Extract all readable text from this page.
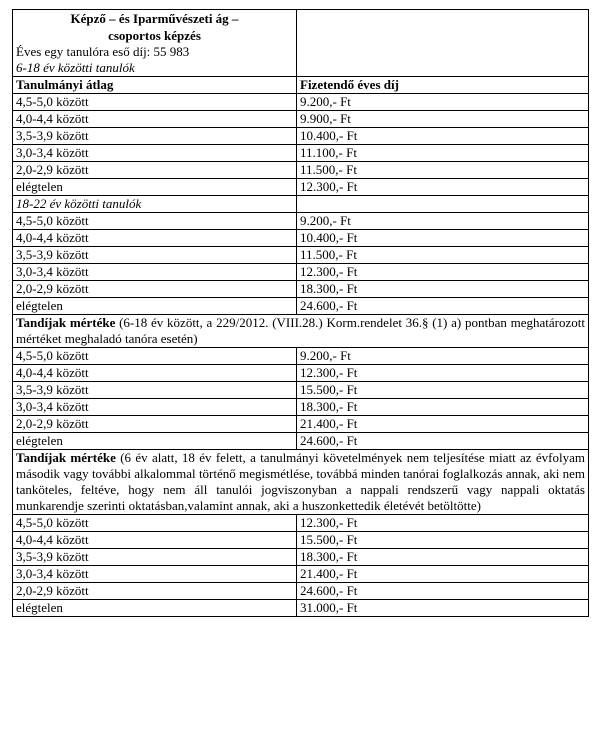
Képző – és Iparművészeti ág –
csoportos képzés
Éves egy tanulóra eső díj: 55 983
6-18 év közötti tanulók	

Tanulmányi átlag	Fizetendő éves díj
4,5-5,0 között	9.200,- Ft
4,0-4,4 között	9.900,- Ft
3,5-3,9 között	10.400,- Ft
3,0-3,4 között	11.100,- Ft
2,0-2,9 között	11.500,- Ft
elégtelen	12.300,- Ft
18-22 év közötti tanulók	
4,5-5,0 között	9.200,- Ft
4,0-4,4 között	10.400,- Ft
3,5-3,9 között	11.500,- Ft
3,0-3,4 között	12.300,- Ft
2,0-2,9 között	18.300,- Ft
elégtelen	24.600,- Ft
Tandíjak mértéke (6-18 év között, a 229/2012. (VIII.28.) Korm.rendelet 36.§ (1) a) pontban meghatározott mértéket meghaladó tanóra esetén)	
4,5-5,0 között	9.200,- Ft
4,0-4,4 között	12.300,- Ft
3,5-3,9 között	15.500,- Ft
3,0-3,4 között	18.300,- Ft
2,0-2,9 között	21.400,- Ft
elégtelen	24.600,- Ft
Tandíjak mértéke (6 év alatt, 18 év felett, a tanulmányi követelmények nem teljesítése miatt az évfolyam második vagy további alkalommal történő megismétlése, továbbá minden tanórai foglalkozás annak, aki nem tanköteles, feltéve, hogy nem áll tanulói jogviszonyban a nappali rendszerű vagy nappali oktatás munkarendje szerinti oktatásban,valamint annak, aki a huszonkettedik életévét betöltötte)	
4,5-5,0 között	12.300,- Ft
4,0-4,4 között	15.500,- Ft
3,5-3,9 között	18.300,- Ft
3,0-3,4 között	21.400,- Ft
2,0-2,9 között	24.600,- Ft
elégtelen	31.000,- Ft
